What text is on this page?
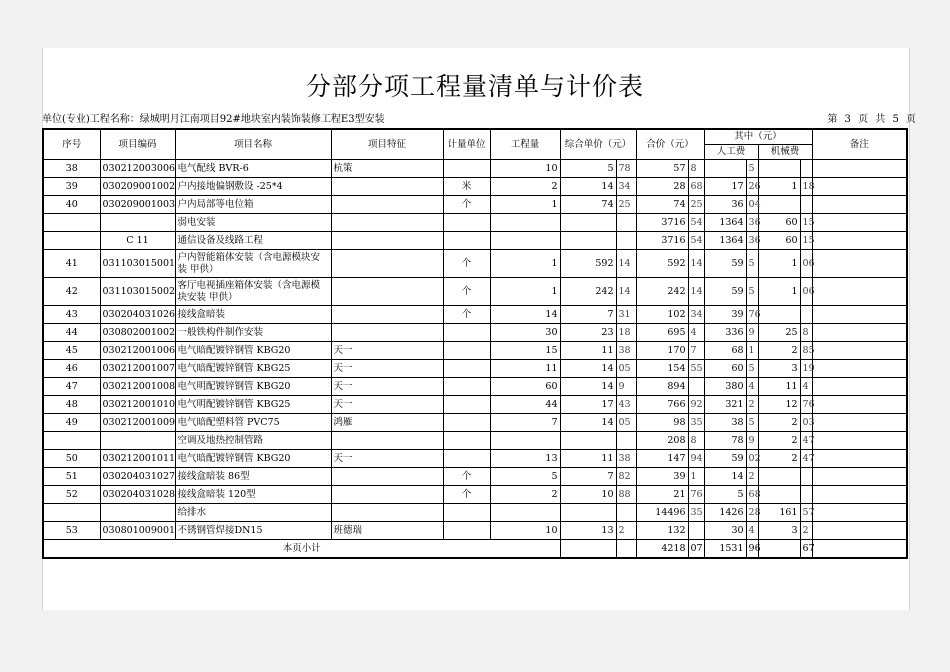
分部分项工程量清单与计价表
单位(专业)工程名称：绿城明月江南项目92#地块室内装饰装修工程E3型安装	第 3 页 共 5 页
序号	项目编码	项目名称	项目特征	计量单位	工程量	综合单价（元）		合价（元）		其中（元）				备注
										人工费		机械费		
38	030212003006	电气配线 BVR-6	杭策		10	5	78	57	8		5			
39	030209001002	户内接地偏钢敷设 -25*4		米	2	14	34	28	68	17	26	1	18	
40	030209001003	户内局部等电位箱		个	1	74	25	74	25	36	04			
		弱电安装						3716	54	1364	36	60	15	
	C 11	通信设备及线路工程						3716	54	1364	36	60	15	
41	031103015001	户内智能箱体安装（含电源模块安装 甲供）		个	1	592	14	592	14	59	5	1	06	
42	031103015002	客厅电视插座箱体安装（含电源模块安装 甲供）		个	1	242	14	242	14	59	5	1	06	
43	030204031026	接线盒暗装		个	14	7	31	102	34	39	76			
44	030802001002	一般铁构件制作安装			30	23	18	695	4	336	9	25	8	
45	030212001006	电气暗配镀锌钢管 KBG20	天一		15	11	38	170	7	68	1	2	85	
46	030212001007	电气暗配镀锌钢管 KBG25	天一		11	14	05	154	55	60	5	3	19	
47	030212001008	电气明配镀锌钢管 KBG20	天一		60	14	9	894		380	4	11	4	
48	030212001010	电气明配镀锌钢管 KBG25	天一		44	17	43	766	92	321	2	12	76	
49	030212001009	电气暗配塑料管 PVC75	鸿雁		7	14	05	98	35	38	5	2	03	
		空调及地热控制管路						208	8	78	9	2	47	
50	030212001011	电气暗配镀锌钢管 KBG20	天一		13	11	38	147	94	59	02	2	47	
51	030204031027	接线盒暗装 86型		个	5	7	82	39	1	14	2			
52	030204031028	接线盒暗装 120型		个	2	10	88	21	76	5	68			
		给排水						14496	35	1426	28	161	57	
53	030801009001	不锈钢管焊接DN15	班德瑞		10	13	2	132		30	4	3	2	
本页小计								4218	07	1531	96		67	
